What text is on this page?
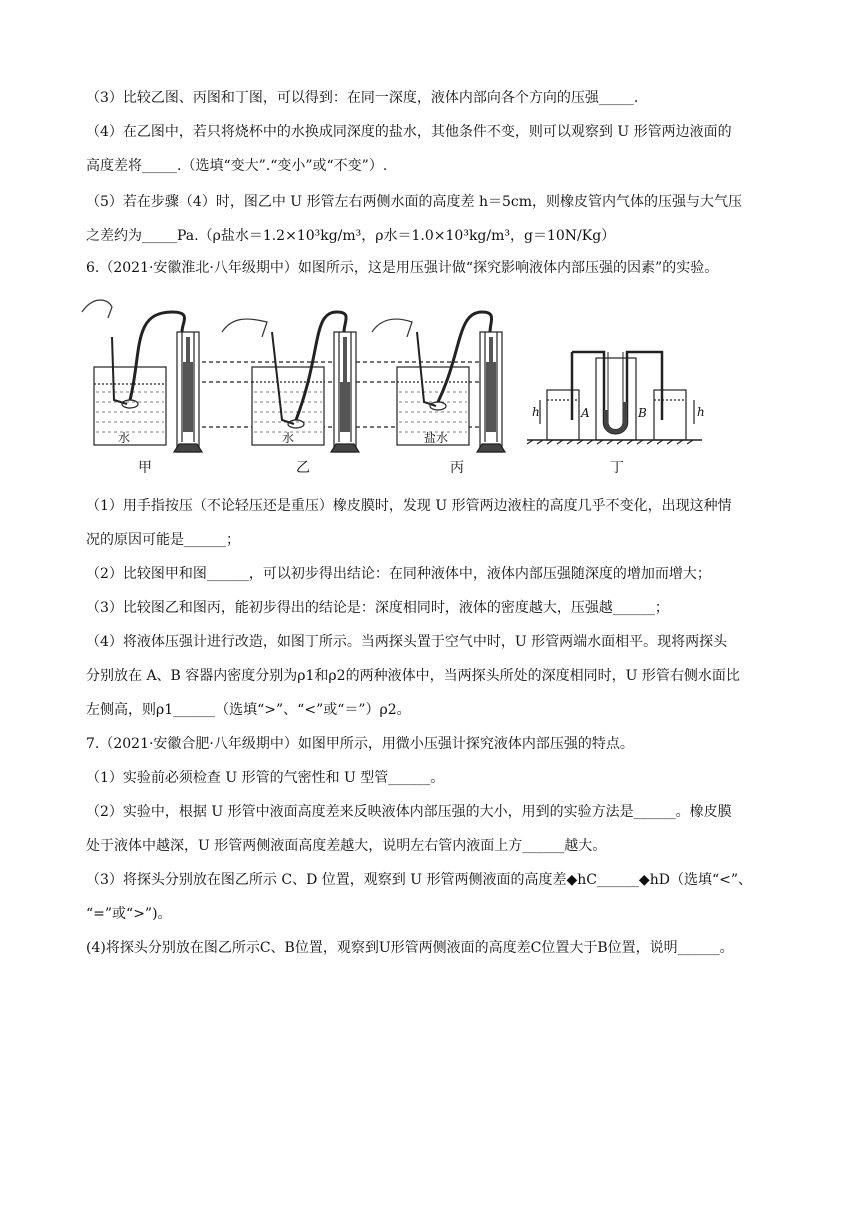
（3）比较乙图、丙图和丁图，可以得到：在同一深度，液体内部向各个方向的压强_____.
（4）在乙图中，若只将烧杯中的水换成同深度的盐水，其他条件不变，则可以观察到 U 形管两边液面的
高度差将_____.（选填“变大”.“变小”或“不变”）.
（5）若在步骤（4）时，图乙中 U 形管左右两侧水面的高度差 h＝5cm，则橡皮管内气体的压强与大气压
之差约为_____Pa.（ρ盐水＝1.2×10³kg/m³，ρ水＝1.0×10³kg/m³，g＝10N/Kg）
6.（2021·安徽淮北·八年级期中）如图所示，这是用压强计做“探究影响液体内部压强的因素”的实验。
水	水	盐水
A	B
h	h
甲	乙	丙	丁
（1）用手指按压（不论轻压还是重压）橡皮膜时，发现 U 形管两边液柱的高度几乎不变化，出现这种情
况的原因可能是______；
（2）比较图甲和图______，可以初步得出结论：在同种液体中，液体内部压强随深度的增加而增大；
（3）比较图乙和图丙，能初步得出的结论是：深度相同时，液体的密度越大，压强越______；
（4）将液体压强计进行改造，如图丁所示。当两探头置于空气中时，U 形管两端水面相平。现将两探头
分别放在 A、B 容器内密度分别为ρ1和ρ2的两种液体中，当两探头所处的深度相同时，U 形管右侧水面比
左侧高，则ρ1______（选填“>”、“<”或“＝”）ρ2。
7.（2021·安徽合肥·八年级期中）如图甲所示，用微小压强计探究液体内部压强的特点。
（1）实验前必须检查 U 形管的气密性和 U 型管______。
（2）实验中，根据 U 形管中液面高度差来反映液体内部压强的大小，用到的实验方法是______。橡皮膜
处于液体中越深，U 形管两侧液面高度差越大，说明左右管内液面上方______越大。
（3）将探头分别放在图乙所示 C、D 位置，观察到 U 形管两侧液面的高度差◆hC______◆hD（选填“<”、
“=”或“>”)。
(4)将探头分别放在图乙所示C、B位置，观察到U形管两侧液面的高度差C位置大于B位置，说明______。
